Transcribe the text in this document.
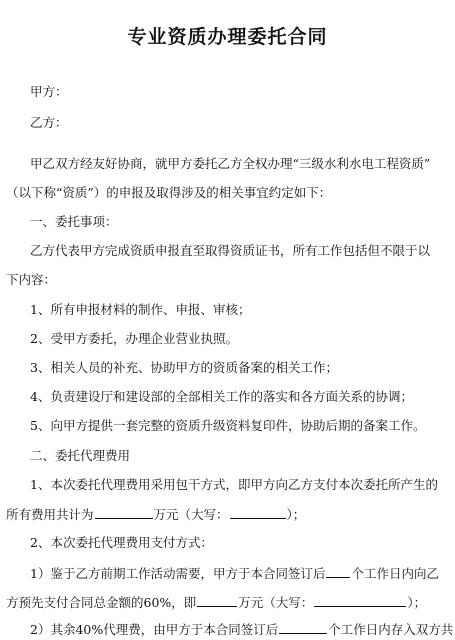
专业资质办理委托合同
甲方：
乙方：
甲乙双方经友好协商，就甲方委托乙方全权办理“三级水利水电工程资质”
（以下称“资质”）的申报及取得涉及的相关事宜约定如下：
一、委托事项：
乙方代表甲方完成资质申报直至取得资质证书，所有工作包括但不限于以
下内容：
1、所有申报材料的制作、申报、审核；
2、受甲方委托，办理企业营业执照。
3、相关人员的补充、协助甲方的资质备案的相关工作；
4、负责建设厅和建设部的全部相关工作的落实和各方面关系的协调；
5、向甲方提供一套完整的资质升级资料复印件，协助后期的备案工作。
二、委托代理费用
1、本次委托代理费用采用包干方式，即甲方向乙方支付本次委托所产生的
所有费用共计为	万元（大写：	）；
2、本次委托代理费用支付方式：
1）鉴于乙方前期工作活动需要，甲方于本合同签订后 个工作日内向乙
方预先支付合同总金额的60%，即	万元（大写：	）；
2）其余40%代理费，由甲方于本合同签订后	个工作日内存入双方共
